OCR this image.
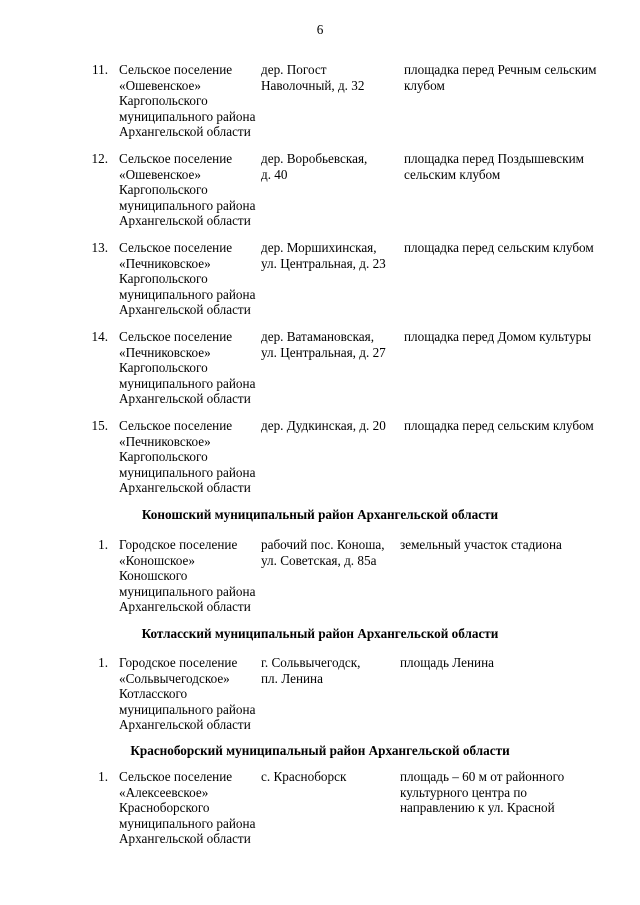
6
11. Сельское поселение
«Ошевенское»
Каргопольского
муниципального района
Архангельской области
дер. Погост
Наволочный, д. 32
площадка перед Речным сельским
клубом
12. Сельское поселение
«Ошевенское»
Каргопольского
муниципального района
Архангельской области
дер. Воробьевская,
д. 40
площадка перед Поздышевским
сельским клубом
13. Сельское поселение
«Печниковское»
Каргопольского
муниципального района
Архангельской области
дер. Моршихинская,
ул. Центральная, д. 23
площадка перед сельским клубом
14. Сельское поселение
«Печниковское»
Каргопольского
муниципального района
Архангельской области
дер. Ватамановская,
ул. Центральная, д. 27
площадка перед Домом культуры
15. Сельское поселение
«Печниковское»
Каргопольского
муниципального района
Архангельской области
дер. Дудкинская, д. 20	площадка перед сельским клубом
Коношский муниципальный район Архангельской области
1. Городское поселение
«Коношское»
Коношского
муниципального района
Архангельской области
рабочий пос. Коноша,
ул. Советская, д. 85а
земельный участок стадиона
Котласский муниципальный район Архангельской области
1. Городское поселение
«Сольвычегодское»
Котласского
муниципального района
Архангельской области
г. Сольвычегодск,
пл. Ленина
площадь Ленина
Красноборский муниципальный район Архангельской области
1. Сельское поселение
«Алексеевское»
Красноборского
муниципального района
Архангельской области
с. Красноборск	площадь – 60 м от районного
культурного центра по
направлению к ул. Красной
